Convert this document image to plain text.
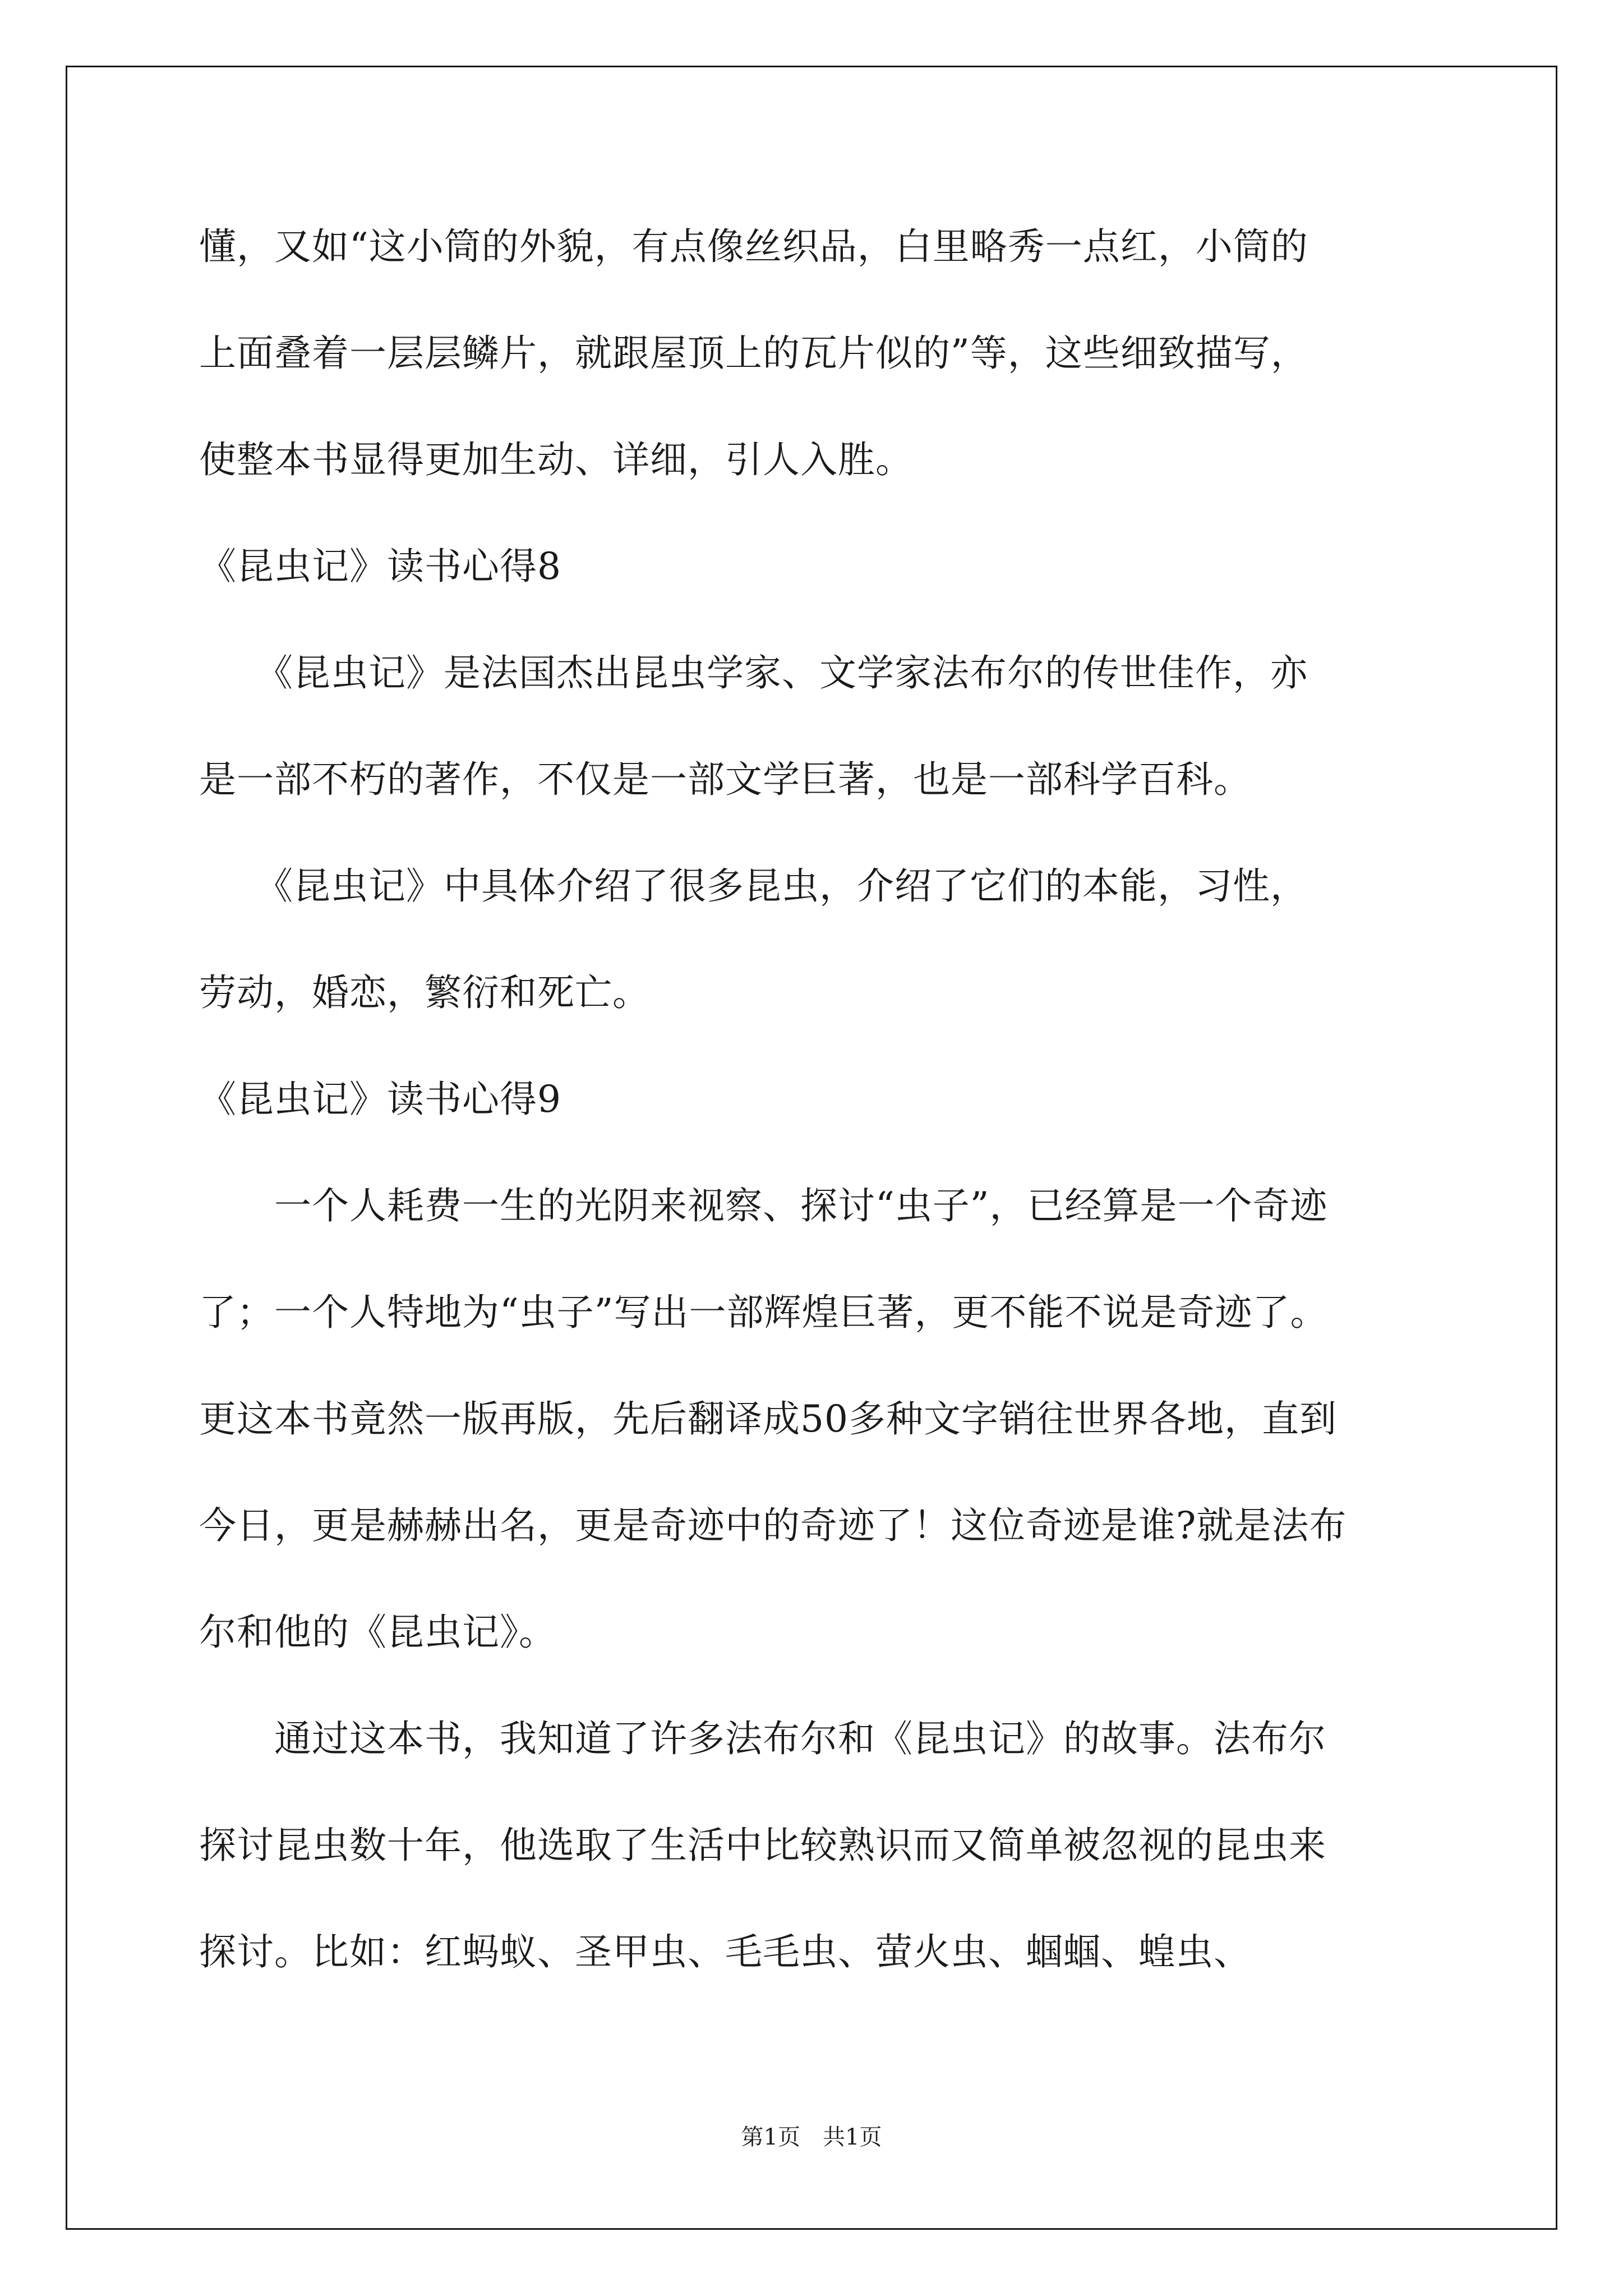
懂，又如“这小筒的外貌，有点像丝织品，白里略秀一点红，小筒的
上面叠着一层层鳞片，就跟屋顶上的瓦片似的”等，这些细致描写，
使整本书显得更加生动、详细，引人入胜。
《昆虫记》读书心得8
　　《昆虫记》是法国杰出昆虫学家、文学家法布尔的传世佳作，亦
是一部不朽的著作，不仅是一部文学巨著，也是一部科学百科。
　　《昆虫记》中具体介绍了很多昆虫，介绍了它们的本能，习性，
劳动，婚恋，繁衍和死亡。
《昆虫记》读书心得9
　　一个人耗费一生的光阴来视察、探讨“虫子”，已经算是一个奇迹
了；一个人特地为“虫子”写出一部辉煌巨著，更不能不说是奇迹了。
更这本书竟然一版再版，先后翻译成50多种文字销往世界各地，直到
今日，更是赫赫出名，更是奇迹中的奇迹了！这位奇迹是谁?就是法布
尔和他的《昆虫记》。
　　通过这本书，我知道了许多法布尔和《昆虫记》的故事。法布尔
探讨昆虫数十年，他选取了生活中比较熟识而又简单被忽视的昆虫来
探讨。比如：红蚂蚁、圣甲虫、毛毛虫、萤火虫、蝈蝈、蝗虫、
第1页　共1页
